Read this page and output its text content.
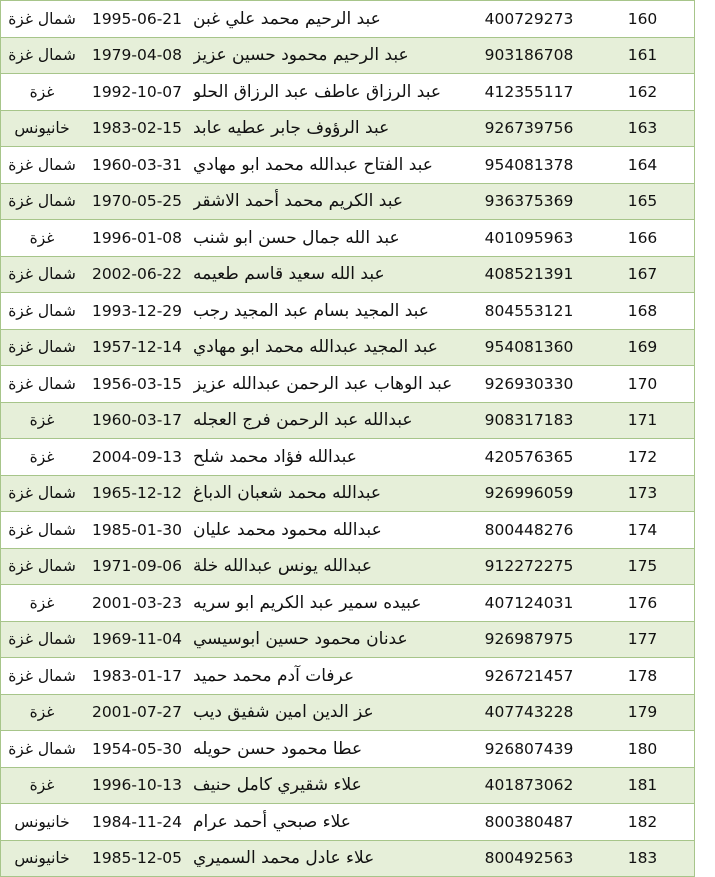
160
400729273
عبد الرحيم محمد علي غبن
1995-06-21
شمال غزة
161
903186708
عبد الرحيم محمود حسين عزيز
1979-04-08
شمال غزة
162
412355117
عبد الرزاق عاطف عبد الرزاق الحلو
1992-10-07
غزة
163
926739756
عبد الرؤوف جابر عطيه عابد
1983-02-15
خانيونس
164
954081378
عبد الفتاح عبدالله محمد ابو مهادي
1960-03-31
شمال غزة
165
936375369
عبد الكريم محمد أحمد الاشقر
1970-05-25
شمال غزة
166
401095963
عبد الله جمال حسن ابو شنب
1996-01-08
غزة
167
408521391
عبد الله سعيد قاسم طعيمه
2002-06-22
شمال غزة
168
804553121
عبد المجيد بسام عبد المجيد رجب
1993-12-29
شمال غزة
169
954081360
عبد المجيد عبدالله محمد ابو مهادي
1957-12-14
شمال غزة
170
926930330
عبد الوهاب عبد الرحمن عبدالله عزيز
1956-03-15
شمال غزة
171
908317183
عبدالله عبد الرحمن فرج العجله
1960-03-17
غزة
172
420576365
عبدالله فؤاد محمد شلح
2004-09-13
غزة
173
926996059
عبدالله محمد شعبان الدباغ
1965-12-12
شمال غزة
174
800448276
عبدالله محمود محمد عليان
1985-01-30
شمال غزة
175
912272275
عبدالله يونس عبدالله خلة
1971-09-06
شمال غزة
176
407124031
عبيده سمير عبد الكريم ابو سريه
2001-03-23
غزة
177
926987975
عدنان محمود حسين ابوسيسي
1969-11-04
شمال غزة
178
926721457
عرفات آدم محمد حميد
1983-01-17
شمال غزة
179
407743228
عز الدين امين شفيق ديب
2001-07-27
غزة
180
926807439
عطا محمود حسن حويله
1954-05-30
شمال غزة
181
401873062
علاء شقيري كامل حنيف
1996-10-13
غزة
182
800380487
علاء صبحي أحمد عرام
1984-11-24
خانيونس
183
800492563
علاء عادل محمد السميري
1985-12-05
خانيونس
